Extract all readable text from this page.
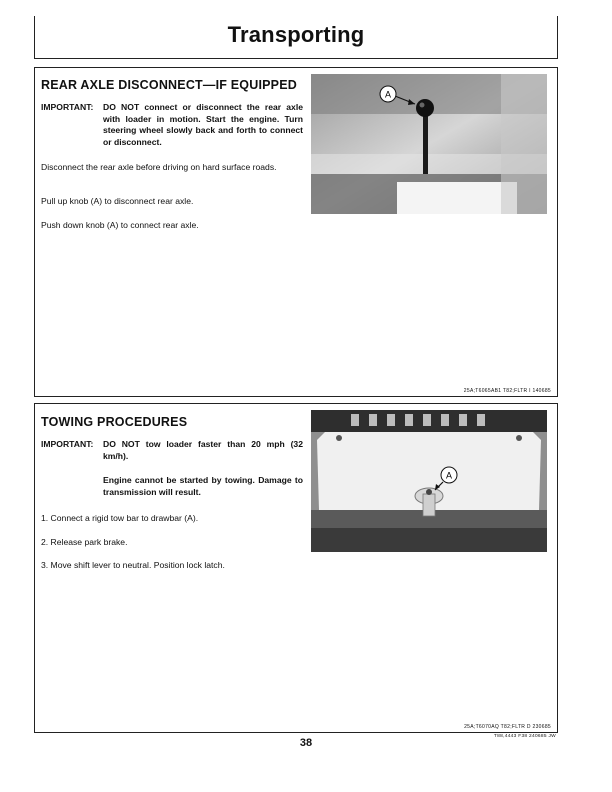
Transporting
REAR AXLE DISCONNECT—IF EQUIPPED
IMPORTANT: DO NOT connect or disconnect the rear axle with loader in motion. Start the engine. Turn steering wheel slowly back and forth to connect or disconnect.
Disconnect the rear axle before driving on hard surface roads.
Pull up knob (A) to disconnect rear axle.
Push down knob (A) to connect rear axle.
A
25A;T6065AB1 T82;FLTR I 140685
TOWING PROCEDURES
IMPORTANT: DO NOT tow loader faster than 20 mph (32 km/h).
Engine cannot be started by towing. Damage to transmission will result.
1. Connect a rigid tow bar to drawbar (A).
2. Release park brake.
3. Move shift lever to neutral. Position lock latch.
A
25A;T6070AQ T82;FLTR D 230685
38
T88,4443 F38 240685 JW
